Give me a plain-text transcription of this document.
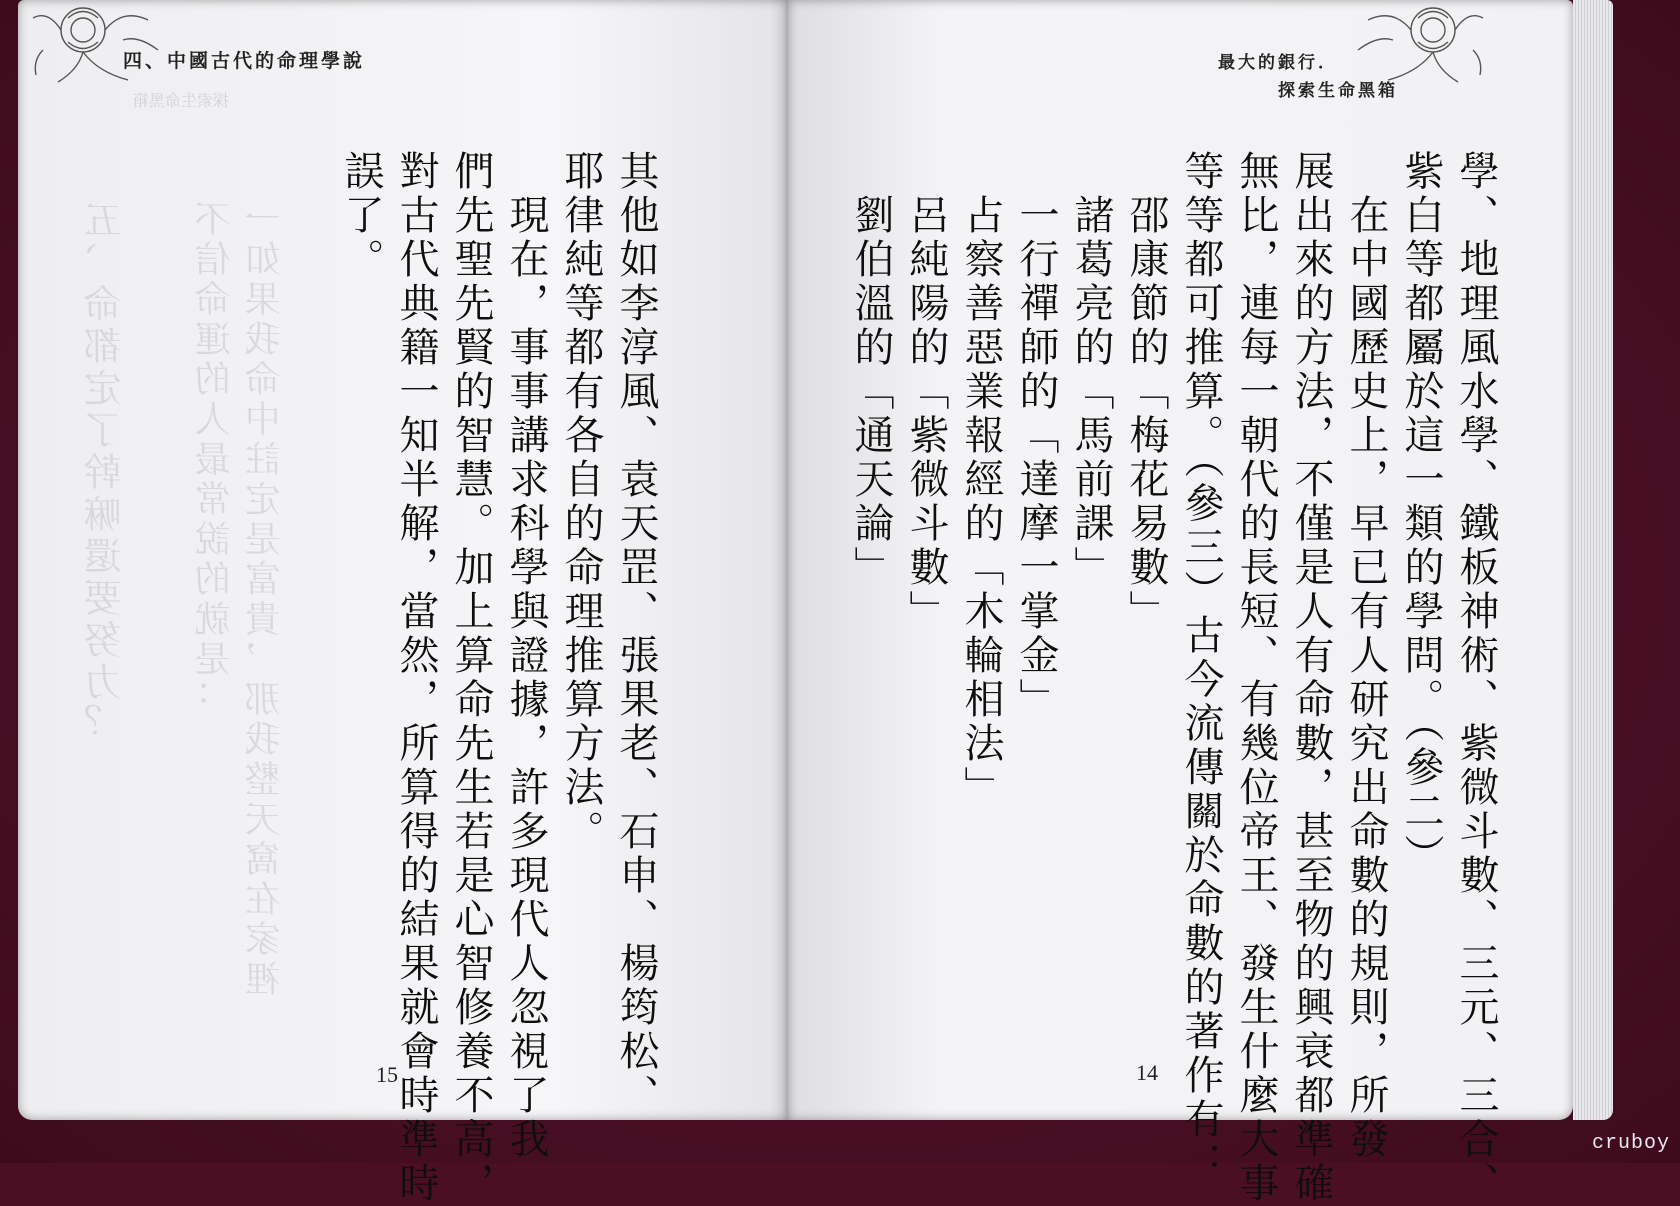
四、中國古代的命理學說
探索生命黑箱
五、命都定了幹嘛還要努力？ 不信命運的人最常說的就是： 一如果我命中註定是富貴，那我整天窩在家裡	其他如李淳風、袁天罡、張果老、石申、楊筠松、
耶律純等都有各自的命理推算方法。
　現在，事事講求科學與證據，許多現代人忽視了我
們先聖先賢的智慧。加上算命先生若是心智修養不高，
對古代典籍一知半解，當然，所算得的結果就會時準時
誤了。
15
最大的銀行．
探索生命黑箱
學、地理風水學、鐵板神術、紫微斗數、三元、三合、
紫白等都屬於這一類的學問。（參二）
　在中國歷史上，早已有人研究出命數的規則，所發
展出來的方法，不僅是人有命數，甚至物的興衰都準確
無比，連每一朝代的長短、有幾位帝王、發生什麼大事
等等都可推算。（參三）古今流傳關於命數的著作有：
　邵康節的「梅花易數」
　諸葛亮的「馬前課」
　一行禪師的「達摩一掌金」
　占察善惡業報經的「木輪相法」
　呂純陽的「紫微斗數」
　劉伯溫的「通天論」
14
cruboy
